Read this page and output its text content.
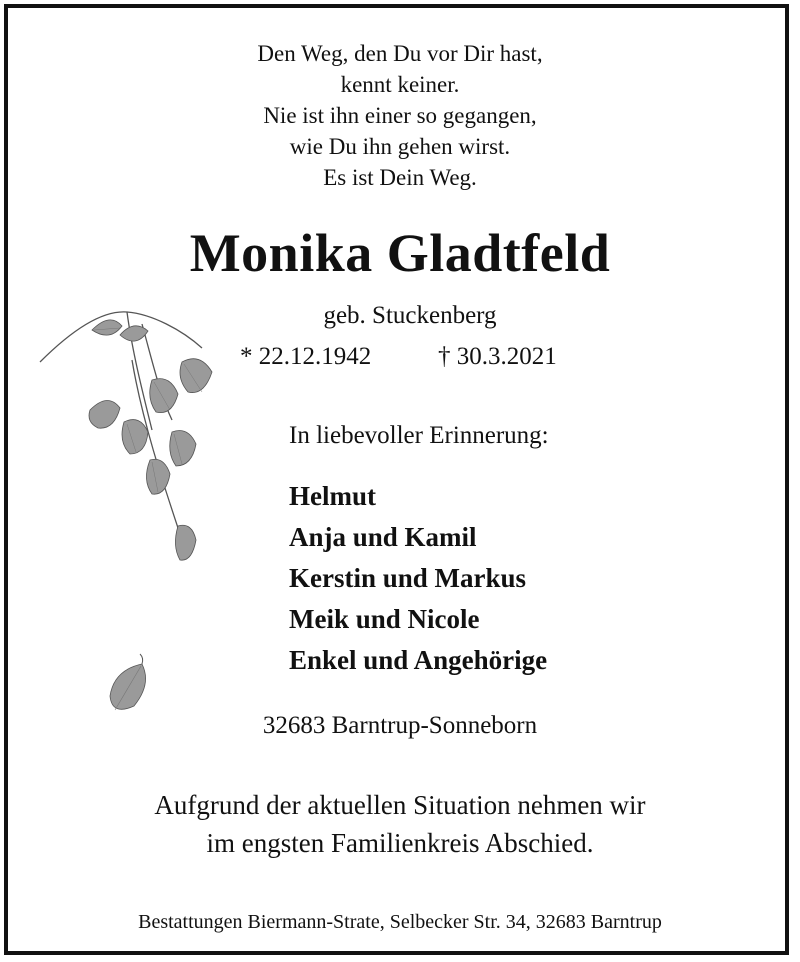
Den Weg, den Du vor Dir hast,
kennt keiner.
Nie ist ihn einer so gegangen,
wie Du ihn gehen wirst.
Es ist Dein Weg.
Monika Gladtfeld
geb. Stuckenberg
* 22.12.1942	† 30.3.2021
In liebevoller Erinnerung:
Helmut
Anja und Kamil
Kerstin und Markus
Meik und Nicole
Enkel und Angehörige
32683 Barntrup-Sonneborn
Aufgrund der aktuellen Situation nehmen wir
im engsten Familienkreis Abschied.
Bestattungen Biermann-Strate, Selbecker Str. 34, 32683 Barntrup
